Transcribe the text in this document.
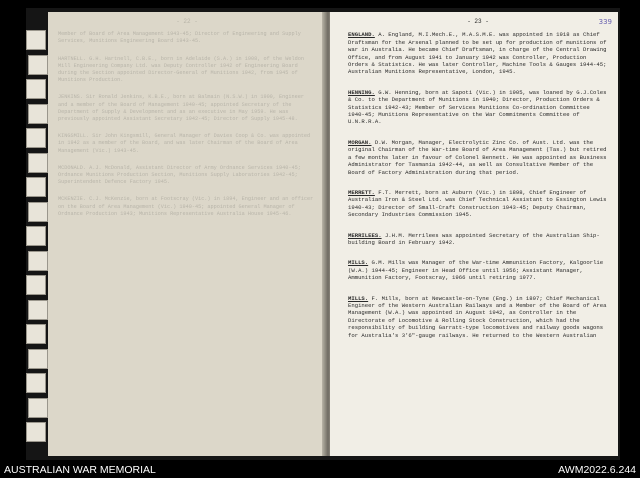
- 22 -

Member of Board of Area Management 1943-45; Director of Engineering and Supply Services, Munitions Engineering Board 1943-45.

HARTNELL. G.H. Hartnell, C.B.E., born in Adelaide (S.A.) in 1908, of the Weldon Mill Engineering Company Ltd. was Deputy Controller 1942 of Engineering Board during the Section appointed Director-General of Munitions 1942, from 1945 of Munitions Production.

JENKINS. Sir Ronald Jenkins, K.B.E., born at Balmain (N.S.W.) in 1900, Engineer and a member of the Board of Management 1940-45; appointed Secretary of the Department of Supply & Development and as an executive in May 1959. He was previously appointed Assistant Secretary 1942-45; Director of Supply 1945-48.

KINGSMILL. Sir John Kingsmill, General Manager of Davies Coop & Co. was appointed in 1942 as a member of the Board, and was later Chairman of the Board of Area Management (Vic.) 1943-45.

MCDONALD. A.J. McDonald, Assistant Director of Army Ordnance Services 1940-45; Ordnance Munitions Production Section, Munitions Supply Laboratories 1942-45; Superintendent Defence Factory 1945.

MCKENZIE. C.J. McKenzie, born at Footscray (Vic.) in 1894, Engineer and an officer on the Board of Area Management (Vic.) 1940-45; appointed General Manager of Ordnance Production 1943; Munitions Representative Australia House 1945-46.

339
- 23 -
ENGLAND. A. England, M.I.Mech.E., M.A.S.M.E. was appointed in 1918 as Chief Draftsman for the Arsenal planned to be set up for production of munitions of war in Australia. He became Chief Draftsman, in charge of the Central Drawing Office, and from August 1941 to January 1942 was Controller, Production Orders & Statistics. He was later Controller, Machine Tools & Gauges 1944-45; Australian Munitions Representative, London, 1945.
HENNING. G.W. Henning, born at Sapoti (Vic.) in 1905, was loaned by G.J.Coles & Co. to the Department of Munitions in 1940; Director, Production Orders & Statistics 1942-43; Member of Services Munitions Co-ordination Committee 1940-45; Munitions Representative on the War Commitments Committee of U.N.R.R.A.
MORGAN. D.W. Morgan, Manager, Electrolytic Zinc Co. of Aust. Ltd. was the original Chairman of the War-time Board of Area Management (Tas.) but retired a few months later in favour of Colonel Bennett. He was appointed as Business Administrator for Tasmania 1942-44, as well as Consultative Member of the Board of Factory Administration during that period.
MERRETT. F.T. Merrett, born at Auburn (Vic.) in 1898, Chief Engineer of Australian Iron & Steel Ltd. was Chief Technical Assistant to Essington Lewis 1940-43; Director of Small-Craft Construction 1943-45; Deputy Chairman, Secondary Industries Commission 1945.
MERRILEES. J.H.M. Merrilees was appointed Secretary of the Australian Ship-building Board in February 1942.
MILLS. G.M. Mills was Manager of the War-time Ammunition Factory, Kalgoorlie (W.A.) 1944-45; Engineer in Head Office until 1956; Assistant Manager, Ammunition Factory, Footscray, 1966 until retiring 1977.
MILLS. F. Mills, born at Newcastle-on-Tyne (Eng.) in 1897; Chief Mechanical Engineer of the Western Australian Railways and a Member of the Board of Area Management (W.A.) was appointed in August 1942, as Controller in the Directorate of Locomotive & Rolling Stock Construction, which had the responsibility of building Garratt-type locomotives and railway goods wagons for Australia's 3'6"-gauge railways. He returned to the Western Australian
AUSTRALIAN WAR MEMORIAL	AWM2022.6.244
